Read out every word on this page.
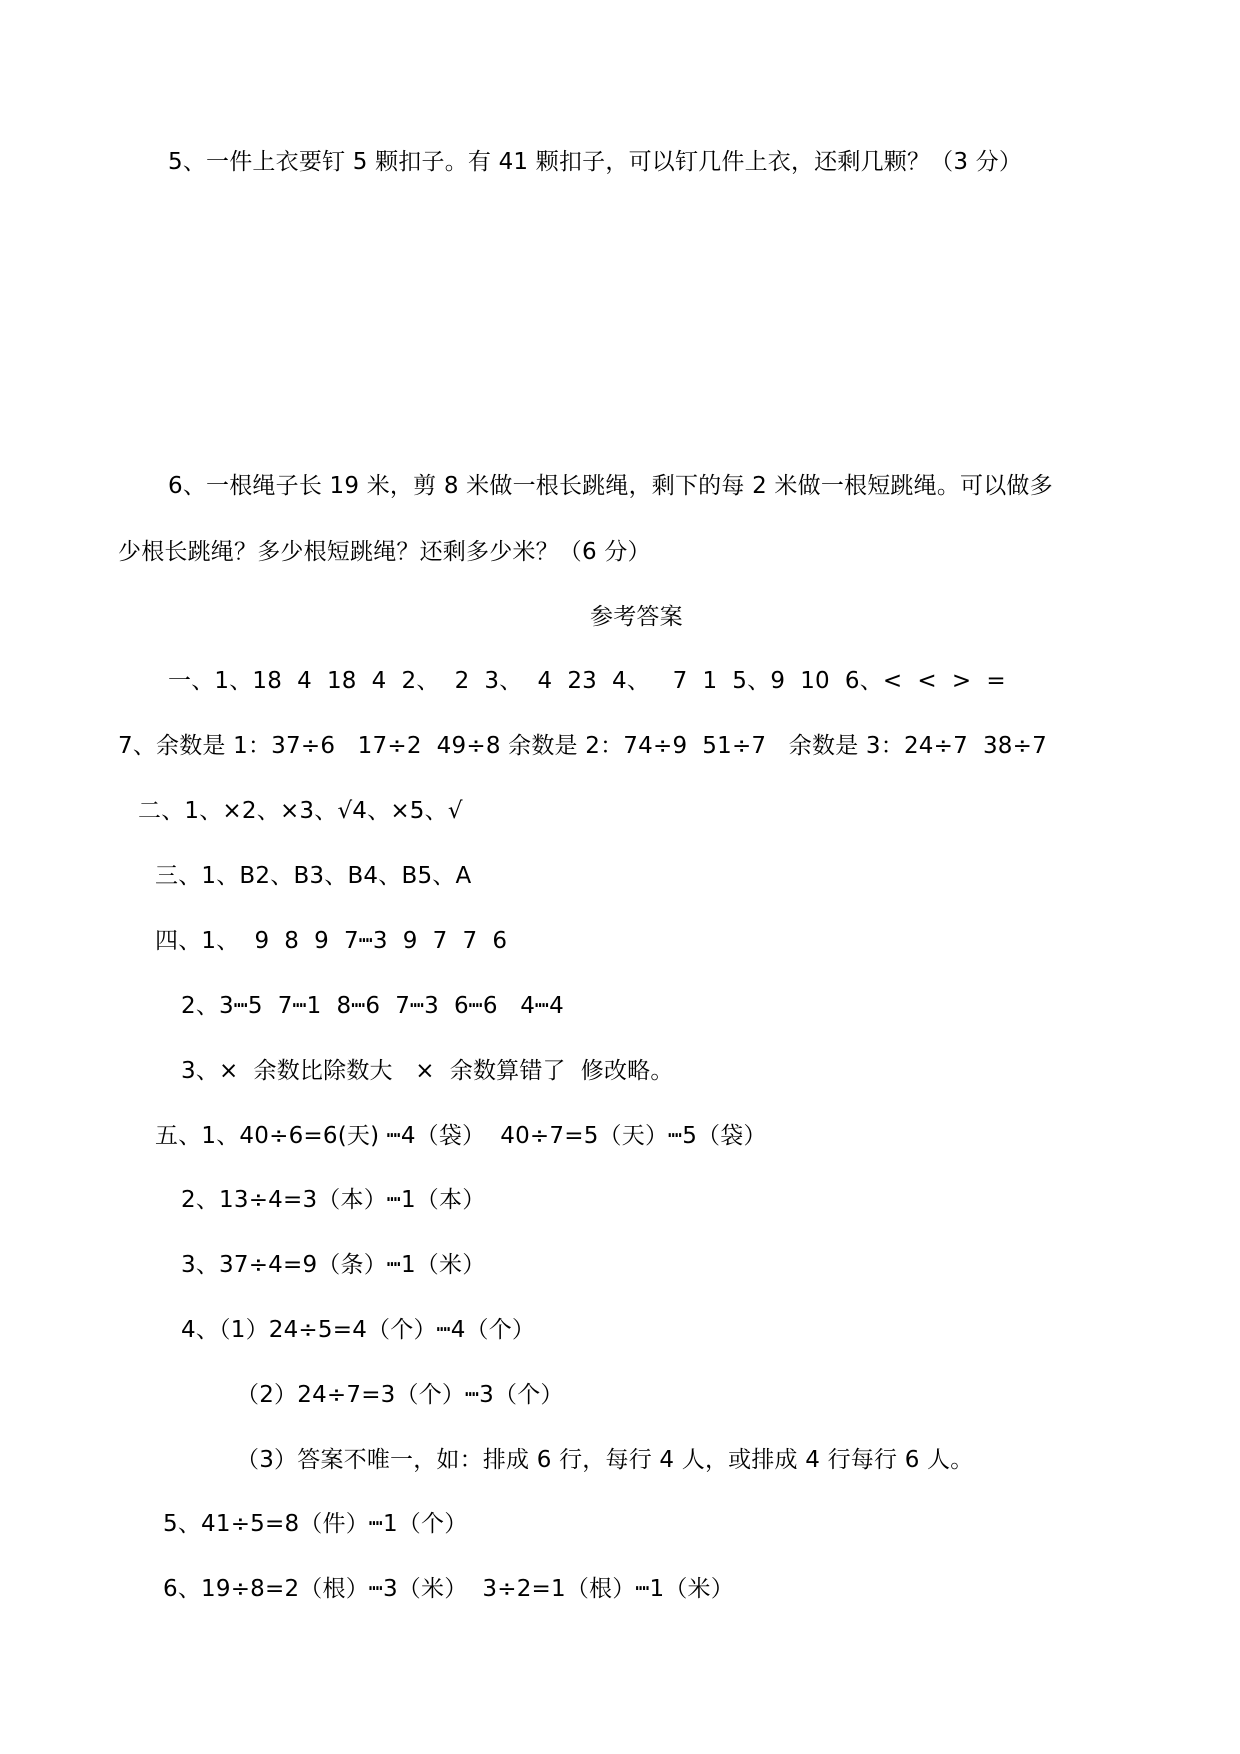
5、一件上衣要钉 5 颗扣子。有 41 颗扣子，可以钉几件上衣，还剩几颗？（3 分）
6、一根绳子长 19 米，剪 8 米做一根长跳绳，剩下的每 2 米做一根短跳绳。可以做多
少根长跳绳？多少根短跳绳？还剩多少米？（6 分）
参考答案
一、1、18  4  18  4  2、  2  3、  4  23  4、   7  1  5、9  10  6、<  <  >  =
7、余数是 1：37÷6   17÷2  49÷8 余数是 2：74÷9  51÷7   余数是 3：24÷7  38÷7
二、1、×2、×3、√4、×5、√
三、1、B2、B3、B4、B5、A
四、1、  9  8  9  7┉3  9  7  7  6
2、3┉5  7┉1  8┉6  7┉3  6┉6   4┉4
3、×  余数比除数大   ×  余数算错了  修改略。
五、1、40÷6=6(天) ┉4（袋）  40÷7=5（天）┉5（袋）
2、13÷4=3（本）┉1（本）
3、37÷4=9（条）┉1（米）
4、（1）24÷5=4（个）┉4（个）
（2）24÷7=3（个）┉3（个）
（3）答案不唯一，如：排成 6 行，每行 4 人，或排成 4 行每行 6 人。
5、41÷5=8（件）┉1（个）
6、19÷8=2（根）┉3（米）  3÷2=1（根）┉1（米）
